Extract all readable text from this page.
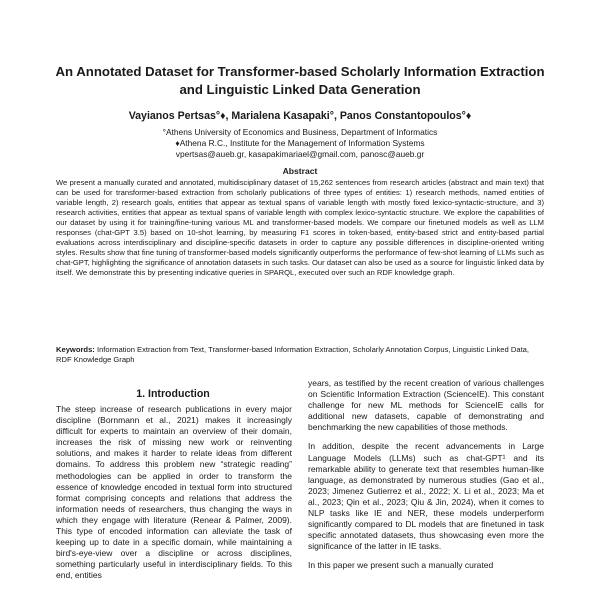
An Annotated Dataset for Transformer-based Scholarly Information Extraction
and Linguistic Linked Data Generation
Vayianos Pertsas°♦, Marialena Kasapaki°, Panos Constantopoulos°♦
°Athens University of Economics and Business, Department of Informatics
♦Athena R.C., Institute for the Management of Information Systems
vpertsas@aueb.gr, kasapakimariael@gmail.com, panosc@aueb.gr
Abstract
We present a manually curated and annotated, multidisciplinary dataset of 15,262 sentences from research articles (abstract and main text) that can be used for transformer-based extraction from scholarly publications of three types of entities: 1) research methods, named entities of variable length, 2) research goals, entities that appear as textual spans of variable length with mostly fixed lexico-syntactic-structure, and 3) research activities, entities that appear as textual spans of variable length with complex lexico-syntactic structure. We explore the capabilities of our dataset by using it for training/fine-tuning various ML and transformer-based models. We compare our finetuned models as well as LLM responses (chat-GPT 3.5) based on 10-shot learning, by measuring F1 scores in token-based, entity-based strict and entity-based partial evaluations across interdisciplinary and discipline-specific datasets in order to capture any possible differences in discipline-oriented writing styles. Results show that fine tuning of transformer-based models significantly outperforms the performance of few-shot learning of LLMs such as chat-GPT, highlighting the significance of annotation datasets in such tasks. Our dataset can also be used as a source for linguistic linked data by itself. We demonstrate this by presenting indicative queries in SPARQL, executed over such an RDF knowledge graph.
Keywords: Information Extraction from Text, Transformer-based Information Extraction, Scholarly Annotation Corpus, Linguistic Linked Data, RDF Knowledge Graph
1. Introduction

The steep increase of research publications in every major discipline (Bornmann et al., 2021) makes it increasingly difficult for experts to maintain an overview of their domain, increases the risk of missing new work or reinventing solutions, and makes it harder to relate ideas from different domains. To address this problem new “strategic reading” methodologies can be applied in order to transform the essence of knowledge encoded in textual form into structured format comprising concepts and relations that address the information needs of researchers, thus changing the ways in which they engage with literature (Renear & Palmer, 2009). This type of encoded information can alleviate the task of keeping up to date in a specific domain, while maintaining a bird's-eye-view over a discipline or across disciplines, something particularly useful in interdisciplinary fields. To this end, entities

years, as testified by the recent creation of various challenges on Scientific Information Extraction (ScienceIE). This constant challenge for new ML methods for ScienceIE calls for additional new datasets, capable of demonstrating and benchmarking the new capabilities of those methods.

In addition, despite the recent advancements in Large Language Models (LLMs) such as chat-GPT¹ and its remarkable ability to generate text that resembles human-like language, as demonstrated by numerous studies (Gao et al., 2023; Jimenez Gutierrez et al., 2022; X. Li et al., 2023; Ma et al., 2023; Qin et al., 2023; Qiu & Jin, 2024), when it comes to NLP tasks like IE and NER, these models underperform significantly compared to DL models that are finetuned in task specific annotated datasets, thus showcasing even more the significance of the latter in IE tasks.

In this paper we present such a manually curated
